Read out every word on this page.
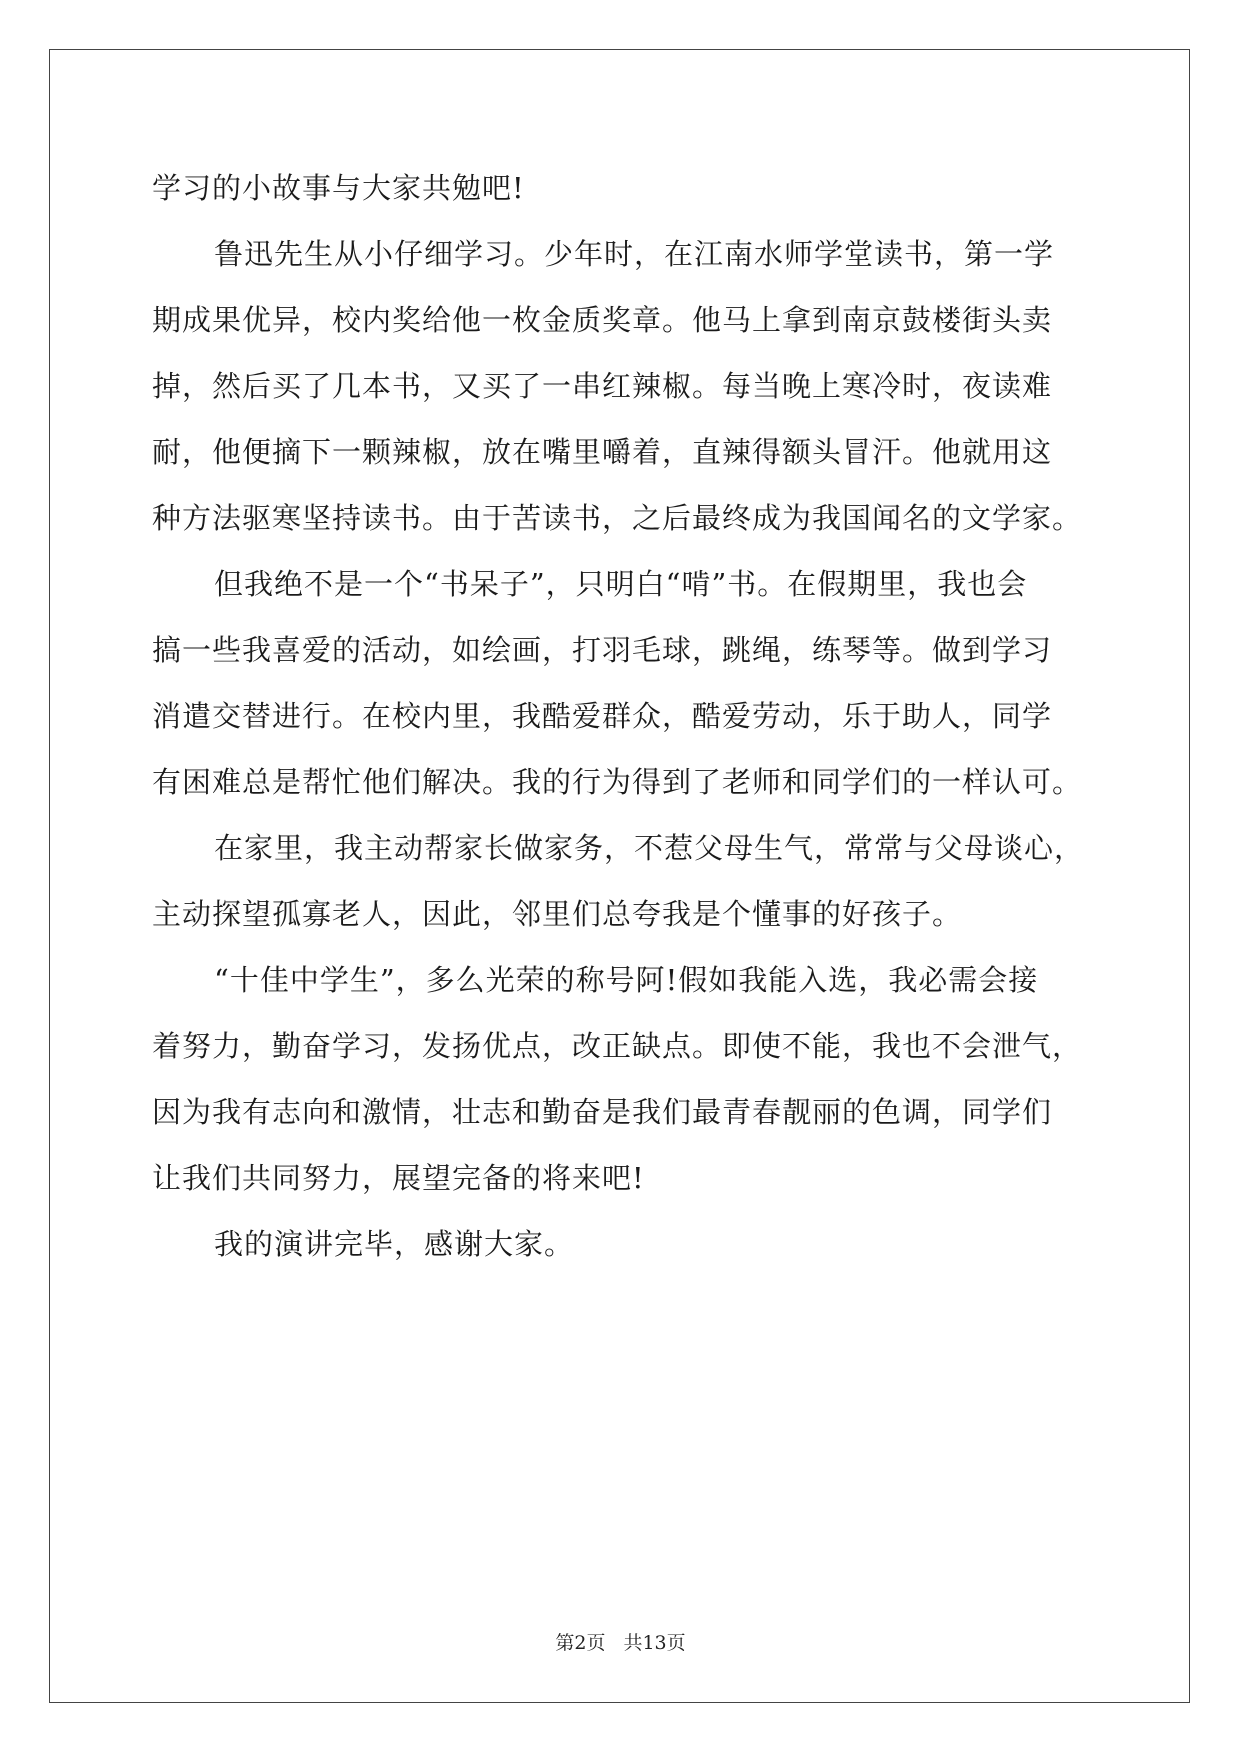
学习的小故事与大家共勉吧!
鲁迅先生从小仔细学习。少年时，在江南水师学堂读书，第一学
期成果优异，校内奖给他一枚金质奖章。他马上拿到南京鼓楼街头卖
掉，然后买了几本书，又买了一串红辣椒。每当晚上寒冷时，夜读难
耐，他便摘下一颗辣椒，放在嘴里嚼着，直辣得额头冒汗。他就用这
种方法驱寒坚持读书。由于苦读书，之后最终成为我国闻名的文学家。
但我绝不是一个“书呆子”，只明白“啃”书。在假期里，我也会
搞一些我喜爱的活动，如绘画，打羽毛球，跳绳，练琴等。做到学习
消遣交替进行。在校内里，我酷爱群众，酷爱劳动，乐于助人，同学
有困难总是帮忙他们解决。我的行为得到了老师和同学们的一样认可。
在家里，我主动帮家长做家务，不惹父母生气，常常与父母谈心，
主动探望孤寡老人，因此，邻里们总夸我是个懂事的好孩子。
“十佳中学生”，多么光荣的称号阿!假如我能入选，我必需会接
着努力，勤奋学习，发扬优点，改正缺点。即使不能，我也不会泄气，
因为我有志向和激情，壮志和勤奋是我们最青春靓丽的色调，同学们
让我们共同努力，展望完备的将来吧!
我的演讲完毕，感谢大家。
第2页 共13页
